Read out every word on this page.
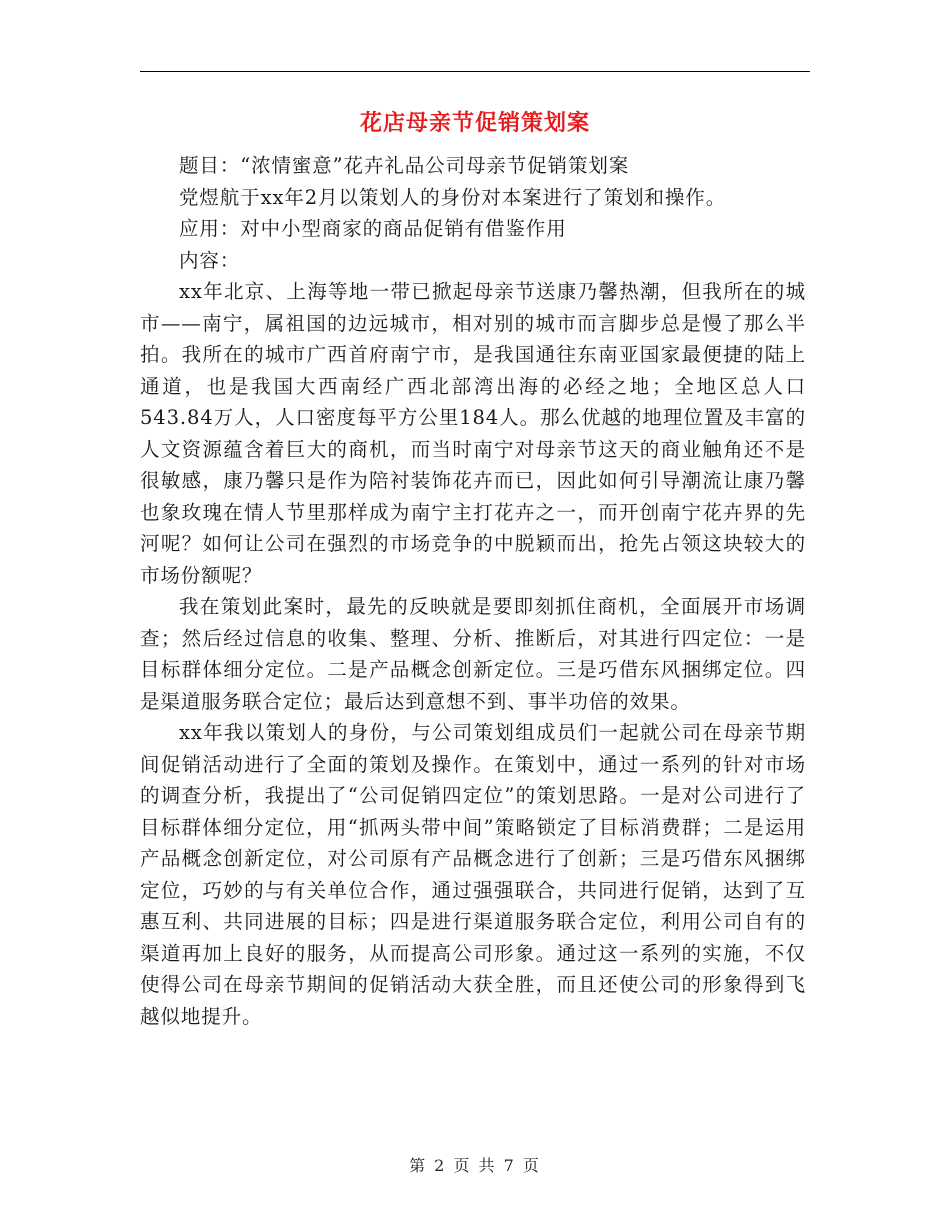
花店母亲节促销策划案

题目：“浓情蜜意”花卉礼品公司母亲节促销策划案

党煜航于xx年2月以策划人的身份对本案进行了策划和操作。

应用：对中小型商家的商品促销有借鉴作用

内容：

xx年北京、上海等地一带已掀起母亲节送康乃馨热潮，但我所在的城市——南宁，属祖国的边远城市，相对别的城市而言脚步总是慢了那么半拍。我所在的城市广西首府南宁市，是我国通往东南亚国家最便捷的陆上通道，也是我国大西南经广西北部湾出海的必经之地；全地区总人口543.84万人，人口密度每平方公里184人。那么优越的地理位置及丰富的人文资源蕴含着巨大的商机，而当时南宁对母亲节这天的商业触角还不是很敏感，康乃馨只是作为陪衬装饰花卉而已，因此如何引导潮流让康乃馨也象玫瑰在情人节里那样成为南宁主打花卉之一，而开创南宁花卉界的先河呢？如何让公司在强烈的市场竞争的中脱颖而出，抢先占领这块较大的市场份额呢？

我在策划此案时，最先的反映就是要即刻抓住商机，全面展开市场调查；然后经过信息的收集、整理、分析、推断后，对其进行四定位：一是目标群体细分定位。二是产品概念创新定位。三是巧借东风捆绑定位。四是渠道服务联合定位；最后达到意想不到、事半功倍的效果。

xx年我以策划人的身份，与公司策划组成员们一起就公司在母亲节期间促销活动进行了全面的策划及操作。在策划中，通过一系列的针对市场的调查分析，我提出了“公司促销四定位”的策划思路。一是对公司进行了目标群体细分定位，用“抓两头带中间”策略锁定了目标消费群；二是运用产品概念创新定位，对公司原有产品概念进行了创新；三是巧借东风捆绑定位，巧妙的与有关单位合作，通过强强联合，共同进行促销，达到了互惠互利、共同进展的目标；四是进行渠道服务联合定位，利用公司自有的渠道再加上良好的服务，从而提高公司形象。通过这一系列的实施，不仅使得公司在母亲节期间的促销活动大获全胜，而且还使公司的形象得到飞越似地提升。

第 2 页 共 7 页
